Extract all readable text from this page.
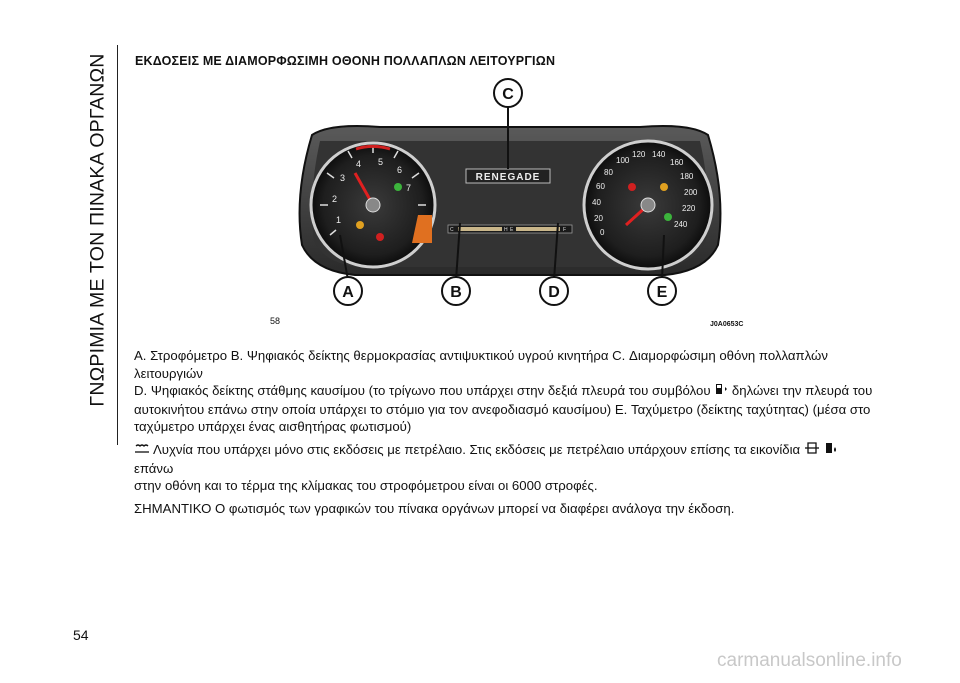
ΓΝΩΡΙΜΙΑ ΜΕ ΤΟΝ ΠΙΝΑΚΑ ΟΡΓΑΝΩΝ ΕΚΔΟΣΕΙΣ ΜΕ ΔΙΑΜΟΡΦΩΣΙΜΗ ΟΘΟΝΗ ΠΟΛΛΑΠΛΩΝ ΛΕΙΤΟΥΡΓΙΩΝ
1
2
3
4 5
6
7
0
20
40
60
80
100
120 140
160
180
200
220
240
RENEGADE
C	H E	F
C
A	B	D	E
58	J0A0653C

A. Στροφόμετρο B. Ψηφιακός δείκτης θερμοκρασίας αντιψυκτικού υγρού κινητήρα C. Διαμορφώσιμη οθόνη πολλαπλών λειτουργιών
D. Ψηφιακός δείκτης στάθμης καυσίμου (το τρίγωνο που υπάρχει στην δεξιά πλευρά του συμβόλου δηλώνει την πλευρά του
αυτοκινήτου επάνω στην οποία υπάρχει το στόμιο για τον ανεφοδιασμό καυσίμου) E. Ταχύμετρο (δείκτης ταχύτητας) (μέσα στο
ταχύμετρο υπάρχει ένας αισθητήρας φωτισμού)

Λυχνία που υπάρχει μόνο στις εκδόσεις με πετρέλαιο. Στις εκδόσεις με πετρέλαιο υπάρχουν επίσης τα εικονίδια   επάνω
στην οθόνη και το τέρμα της κλίμακας του στροφόμετρου είναι οι 6000 στροφές.

ΣΗΜΑΝΤΙΚΟ Ο φωτισμός των γραφικών του πίνακα οργάνων μπορεί να διαφέρει ανάλογα την έκδοση.

54
carmanualsonline.info
